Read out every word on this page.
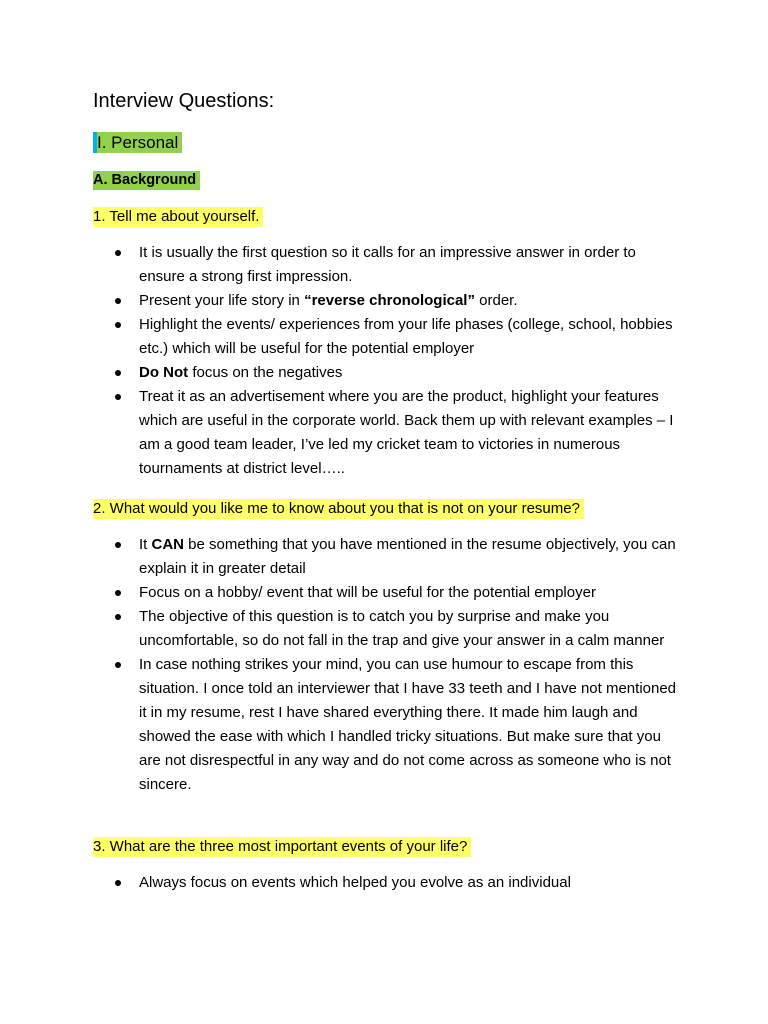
Interview Questions:
I. Personal
A. Background
1. Tell me about yourself.
It is usually the first question so it calls for an impressive answer in order to ensure a strong first impression.
Present your life story in “reverse chronological” order.
Highlight the events/ experiences from your life phases (college, school, hobbies etc.) which will be useful for the potential employer
Do Not focus on the negatives
Treat it as an advertisement where you are the product, highlight your features which are useful in the corporate world. Back them up with relevant examples – I am a good team leader, I’ve led my cricket team to victories in numerous tournaments at district level…..
2. What would you like me to know about you that is not on your resume?
It CAN be something that you have mentioned in the resume objectively, you can explain it in greater detail
Focus on a hobby/ event that will be useful for the potential employer
The objective of this question is to catch you by surprise and make you uncomfortable, so do not fall in the trap and give your answer in a calm manner
In case nothing strikes your mind, you can use humour to escape from this situation. I once told an interviewer that I have 33 teeth and I have not mentioned it in my resume, rest I have shared everything there. It made him laugh and showed the ease with which I handled tricky situations. But make sure that you are not disrespectful in any way and do not come across as someone who is not sincere.
3. What are the three most important events of your life?
Always focus on events which helped you evolve as an individual
